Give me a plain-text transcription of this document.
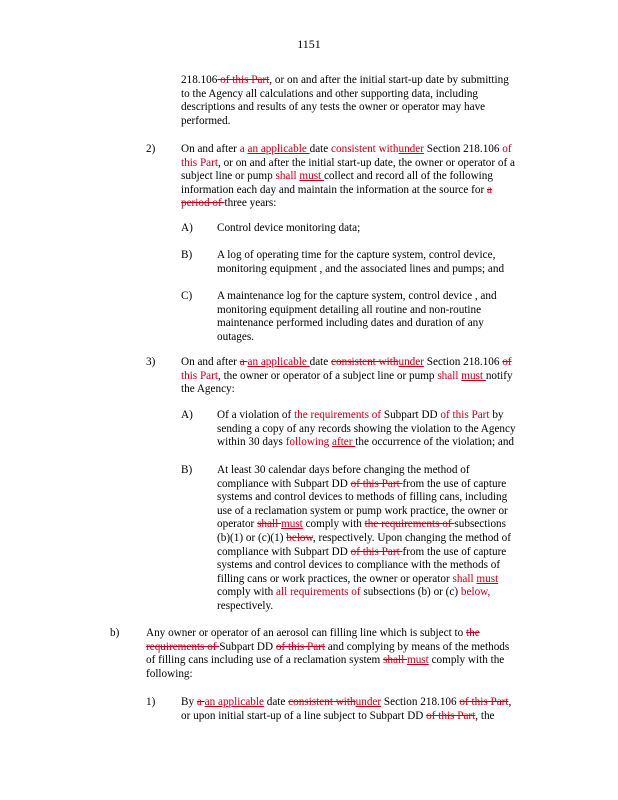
1151
218.106 of this Part, or on and after the initial start-up date by submitting
to the Agency all calculations and other supporting data, including
descriptions and results of any tests the owner or operator may have
performed.
2) On and after a an applicable date consistent withunder Section 218.106 of
this Part, or on and after the initial start-up date, the owner or operator of a
subject line or pump shall must collect and record all of the following
information each day and maintain the information at the source for a
period of three years:
A) Control device monitoring data;
B) A log of operating time for the capture system, control device,
monitoring equipment , and the associated lines and pumps; and
C) A maintenance log for the capture system, control device , and
monitoring equipment detailing all routine and non-routine
maintenance performed including dates and duration of any
outages.
3) On and after a an applicable date consistent withunder Section 218.106 of
this Part, the owner or operator of a subject line or pump shall must notify
the Agency:
A) Of a violation of the requirements of Subpart DD of this Part by
sending a copy of any records showing the violation to the Agency
within 30 days following after the occurrence of the violation; and
B) At least 30 calendar days before changing the method of
compliance with Subpart DD of this Part from the use of capture
systems and control devices to methods of filling cans, including
use of a reclamation system or pump work practice, the owner or
operator shall must comply with the requirements of subsections
(b)(1) or (c)(1) below, respectively. Upon changing the method of
compliance with Subpart DD of this Part from the use of capture
systems and control devices to compliance with the methods of
filling cans or work practices, the owner or operator shall must
comply with all requirements of subsections (b) or (c) below,
respectively.
b) Any owner or operator of an aerosol can filling line which is subject to the
requirements of Subpart DD of this Part and complying by means of the methods
of filling cans including use of a reclamation system shall must comply with the
following:
1) By a an applicable date consistent withunder Section 218.106 of this Part,
or upon initial start-up of a line subject to Subpart DD of this Part, the
